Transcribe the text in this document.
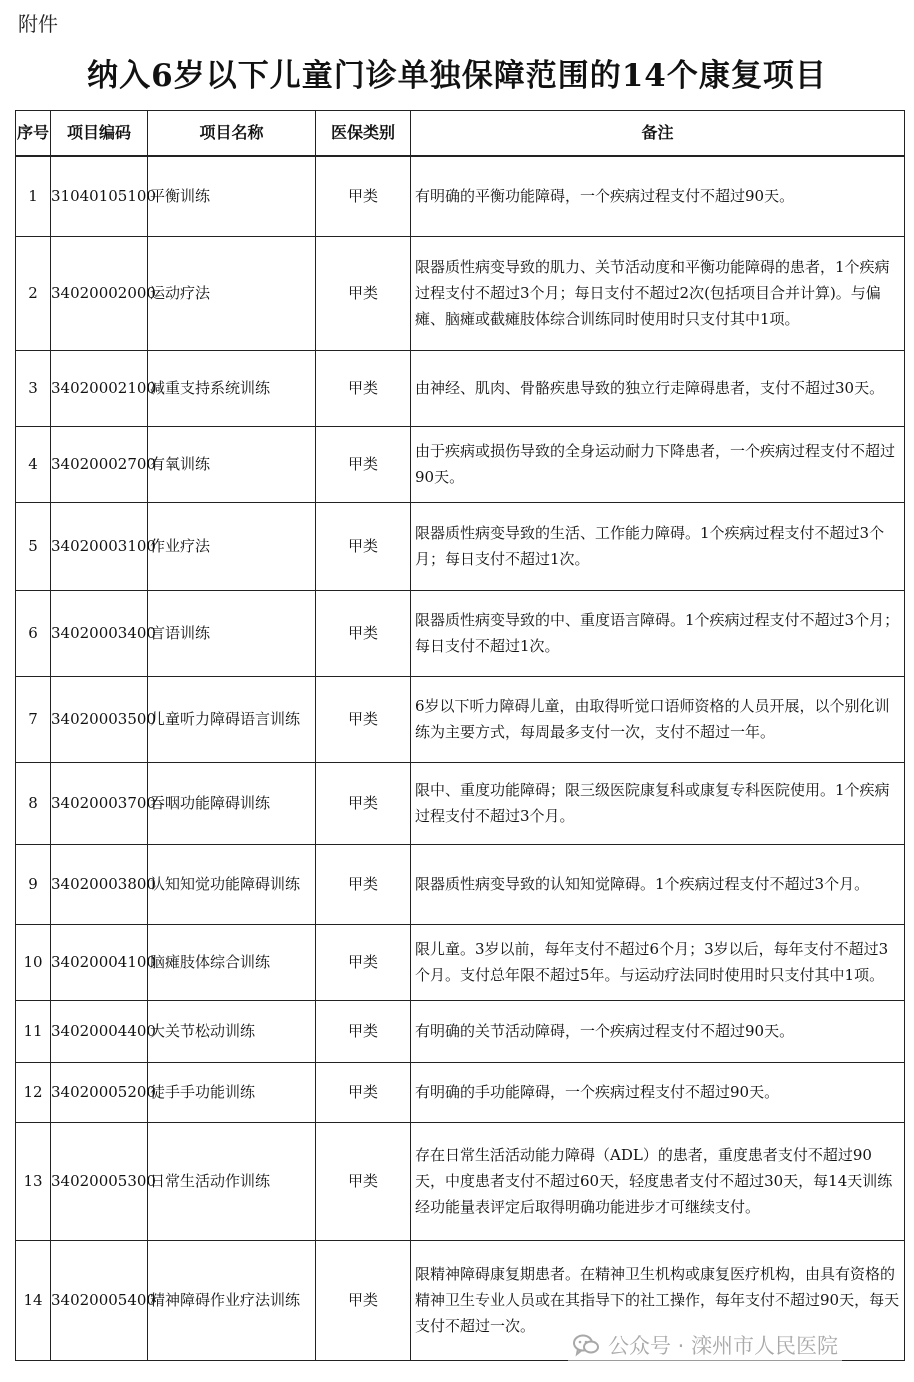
附件
纳入6岁以下儿童门诊单独保障范围的14个康复项目
序号	项目编码	项目名称	医保类别	备注
1	31040105100	平衡训练	甲类	有明确的平衡功能障碍，一个疾病过程支付不超过90天。
2	34020002000	运动疗法	甲类	限器质性病变导致的肌力、关节活动度和平衡功能障碍的患者，1个疾病过程支付不超过3个月；每日支付不超过2次(包括项目合并计算)。与偏瘫、脑瘫或截瘫肢体综合训练同时使用时只支付其中1项。
3	34020002100	减重支持系统训练	甲类	由神经、肌肉、骨骼疾患导致的独立行走障碍患者，支付不超过30天。
4	34020002700	有氧训练	甲类	由于疾病或损伤导致的全身运动耐力下降患者，一个疾病过程支付不超过90天。
5	34020003100	作业疗法	甲类	限器质性病变导致的生活、工作能力障碍。1个疾病过程支付不超过3个月；每日支付不超过1次。
6	34020003400	言语训练	甲类	限器质性病变导致的中、重度语言障碍。1个疾病过程支付不超过3个月；每日支付不超过1次。
7	34020003500	儿童听力障碍语言训练	甲类	6岁以下听力障碍儿童，由取得听觉口语师资格的人员开展，以个别化训练为主要方式，每周最多支付一次，支付不超过一年。
8	34020003700	吞咽功能障碍训练	甲类	限中、重度功能障碍；限三级医院康复科或康复专科医院使用。1个疾病过程支付不超过3个月。
9	34020003800	认知知觉功能障碍训练	甲类	限器质性病变导致的认知知觉障碍。1个疾病过程支付不超过3个月。
10	34020004100	脑瘫肢体综合训练	甲类	限儿童。3岁以前，每年支付不超过6个月；3岁以后，每年支付不超过3个月。支付总年限不超过5年。与运动疗法同时使用时只支付其中1项。
11	34020004400	大关节松动训练	甲类	有明确的关节活动障碍，一个疾病过程支付不超过90天。
12	34020005200	徒手手功能训练	甲类	有明确的手功能障碍，一个疾病过程支付不超过90天。
13	34020005300	日常生活动作训练	甲类	存在日常生活活动能力障碍（ADL）的患者，重度患者支付不超过90天，中度患者支付不超过60天，轻度患者支付不超过30天，每14天训练经功能量表评定后取得明确功能进步才可继续支付。
14	34020005400	精神障碍作业疗法训练	甲类	限精神障碍康复期患者。在精神卫生机构或康复医疗机构，由具有资格的精神卫生专业人员或在其指导下的社工操作，每年支付不超过90天，每天支付不超过一次。
公众号 · 滦州市人民医院
